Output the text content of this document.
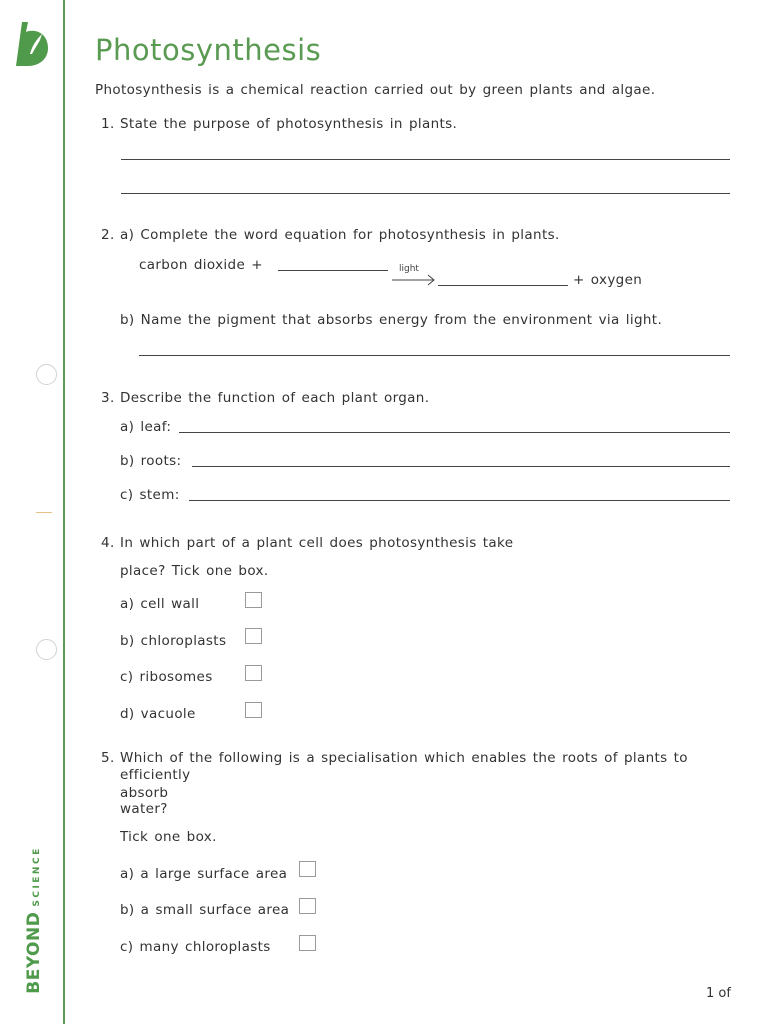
BEYONDSCIENCE
Photosynthesis
Photosynthesis is a chemical reaction carried out by green plants and algae.
1. State the purpose of photosynthesis in plants.
2. a) Complete the word equation for photosynthesis in plants.
carbon dioxide +	light
+ oxygen
b) Name the pigment that absorbs energy from the environment via light.
3. Describe the function of each plant organ.
a) leaf:
b) roots:
c) stem:
4. In which part of a plant cell does photosynthesis take
place? Tick one box.
a) cell wall
b) chloroplasts
c) ribosomes
d) vacuole
5. Which of the following is a specialisation which enables the roots of plants to
efficiently
absorb
water?
Tick one box.
a) a large surface area
b) a small surface area
c) many chloroplasts
1 of
